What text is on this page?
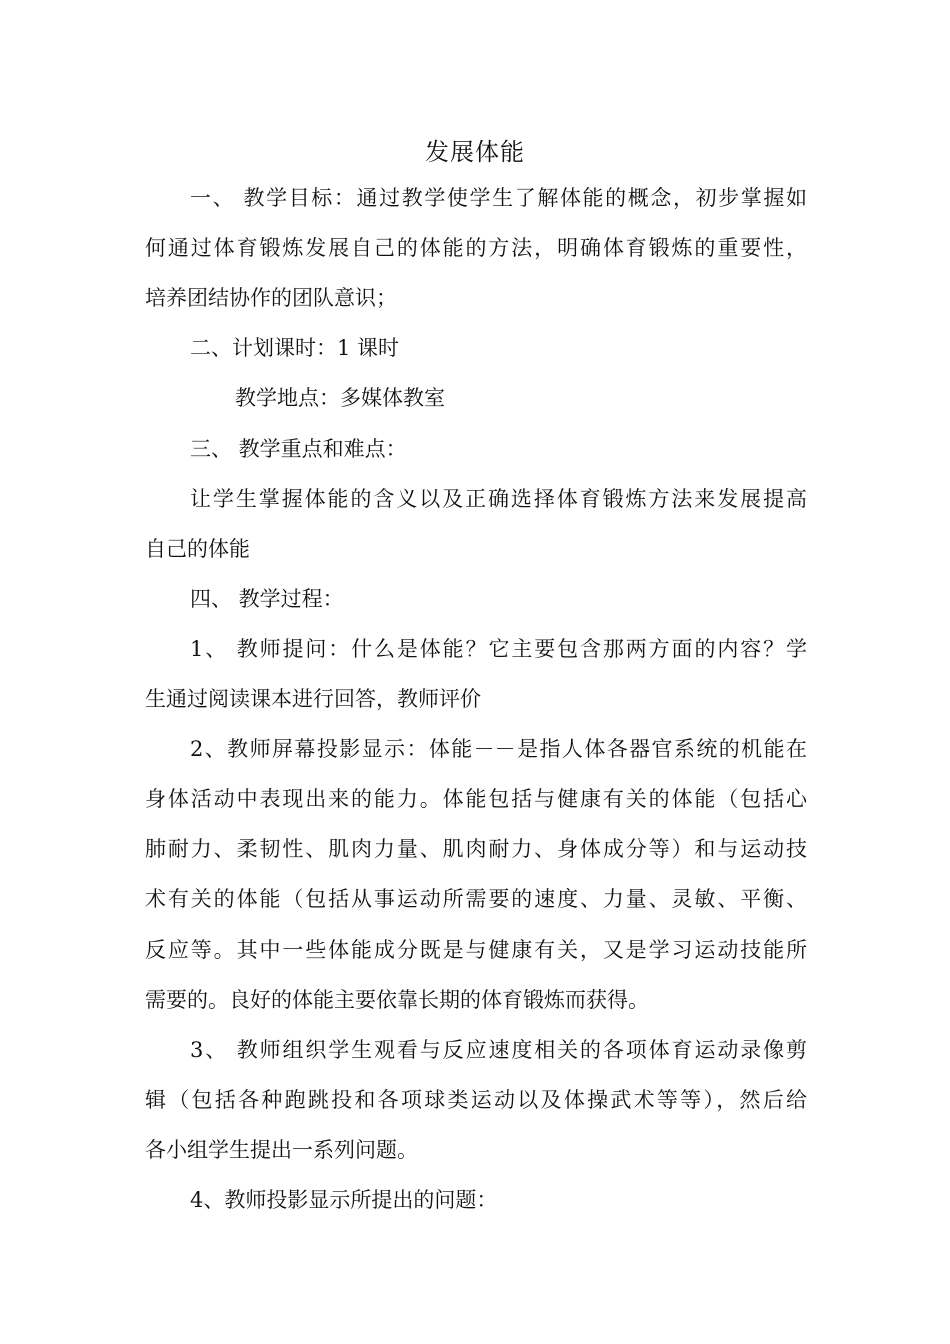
发展体能
一、 教学目标：通过教学使学生了解体能的概念，初步掌握如
何通过体育锻炼发展自己的体能的方法，明确体育锻炼的重要性，
培养团结协作的团队意识；
二、计划课时：1 课时
教学地点：多媒体教室
三、 教学重点和难点：
让学生掌握体能的含义以及正确选择体育锻炼方法来发展提高
自己的体能
四、 教学过程：
1、 教师提问：什么是体能？它主要包含那两方面的内容？学
生通过阅读课本进行回答，教师评价
2、教师屏幕投影显示：体能－－是指人体各器官系统的机能在
身体活动中表现出来的能力。体能包括与健康有关的体能（包括心
肺耐力、柔韧性、肌肉力量、肌肉耐力、身体成分等）和与运动技
术有关的体能（包括从事运动所需要的速度、力量、灵敏、平衡、
反应等。其中一些体能成分既是与健康有关，又是学习运动技能所
需要的。良好的体能主要依靠长期的体育锻炼而获得。
3、 教师组织学生观看与反应速度相关的各项体育运动录像剪
辑（包括各种跑跳投和各项球类运动以及体操武术等等），然后给
各小组学生提出一系列问题。
4、教师投影显示所提出的问题：
